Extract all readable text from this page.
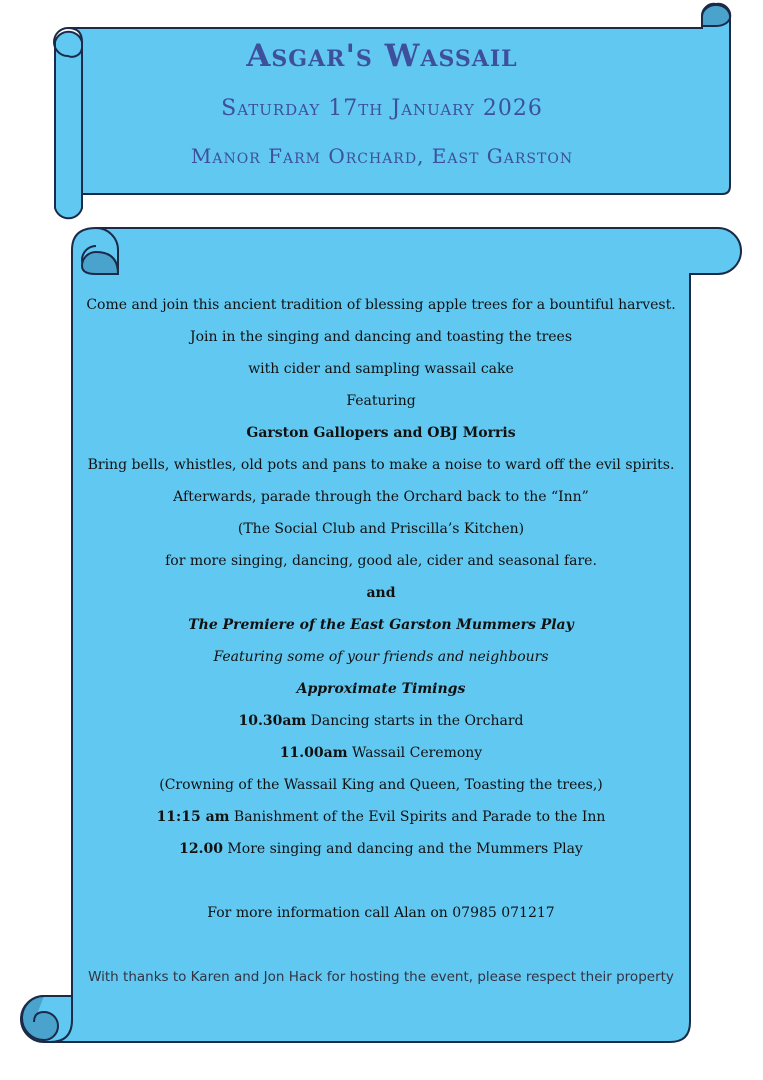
Asgar's Wassail
Saturday 17th January 2026
Manor Farm Orchard, East Garston
Come and join this ancient tradition of blessing apple trees for a bountiful harvest.
Join in the singing and dancing and toasting the trees
with cider and sampling wassail cake
Featuring
Garston Gallopers and OBJ Morris
Bring bells, whistles, old pots and pans to make a noise to ward off the evil spirits.
Afterwards, parade through the Orchard back to the “Inn”
(The Social Club and Priscilla’s Kitchen)
for more singing, dancing, good ale, cider and seasonal fare.
and
The Premiere of the East Garston Mummers Play
Featuring some of your friends and neighbours
Approximate Timings
10.30am Dancing starts in the Orchard
11.00am Wassail Ceremony
(Crowning of the Wassail King and Queen, Toasting the trees,)
11:15 am Banishment of the Evil Spirits and Parade to the Inn
12.00 More singing and dancing and the Mummers Play
For more information call Alan on 07985 071217
With thanks to Karen and Jon Hack for hosting the event, please respect their property
